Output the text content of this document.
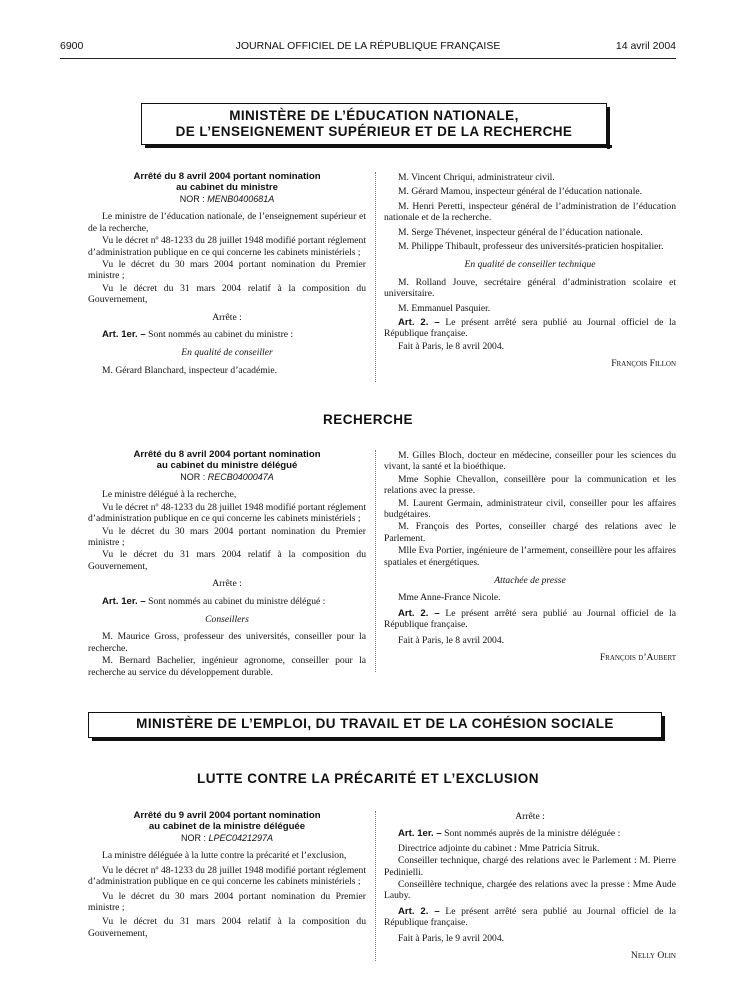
6900	JOURNAL OFFICIEL DE LA RÉPUBLIQUE FRANÇAISE	14 avril 2004
MINISTÈRE DE L’ÉDUCATION NATIONALE,
DE L’ENSEIGNEMENT SUPÉRIEUR ET DE LA RECHERCHE
Arrêté du 8 avril 2004 portant nomination
au cabinet du ministre
NOR : MENB0400681A

Le ministre de l’éducation nationale, de l’enseignement supérieur et de la recherche,

Vu le décret nº 48-1233 du 28 juillet 1948 modifié portant réglement d’administration publique en ce qui concerne les cabinets ministériels ;

Vu le décret du 30 mars 2004 portant nomination du Premier ministre ;

Vu le décret du 31 mars 2004 relatif à la composition du Gouvernement,

Arrête :

Art. 1er. – Sont nommés au cabinet du ministre :

En qualité de conseiller

M. Gérard Blanchard, inspecteur d’académie.

M. Vincent Chriqui, administrateur civil.

M. Gérard Mamou, inspecteur général de l’éducation nationale.

M. Henri Peretti, inspecteur général de l’administration de l’éducation nationale et de la recherche.

M. Serge Thévenet, inspecteur général de l’éducation nationale.

M. Philippe Thibault, professeur des universités-praticien hospitalier.

En qualité de conseiller technique

M. Rolland Jouve, secrétaire général d’administration scolaire et universitaire.

M. Emmanuel Pasquier.

Art. 2. – Le présent arrêté sera publié au Journal officiel de la République française.

Fait à Paris, le 8 avril 2004.

François Fillon

RECHERCHE
Arrêté du 8 avril 2004 portant nomination
au cabinet du ministre délégué
NOR : RECB0400047A

Le ministre délégué à la recherche,

Vu le décret nº 48-1233 du 28 juillet 1948 modifié portant réglement d’administration publique en ce qui concerne les cabinets ministériels ;

Vu le décret du 30 mars 2004 portant nomination du Premier ministre ;

Vu le décret du 31 mars 2004 relatif à la composition du Gouvernement,

Arrête :

Art. 1er. – Sont nommés au cabinet du ministre délégué :

Conseillers

M. Maurice Gross, professeur des universités, conseiller pour la recherche.

M. Bernard Bachelier, ingénieur agronome, conseiller pour la recherche au service du développement durable.

M. Gilles Bloch, docteur en médecine, conseiller pour les sciences du vivant, la santé et la bioéthique.

Mme Sophie Chevallon, conseillère pour la communication et les relations avec la presse.

M. Laurent Germain, administrateur civil, conseiller pour les affaires budgétaires.

M. François des Portes, conseiller chargé des relations avec le Parlement.

Mlle Eva Portier, ingénieure de l’armement, conseillère pour les affaires spatiales et énergétiques.

Attachée de presse

Mme Anne-France Nicole.

Art. 2. – Le présent arrêté sera publié au Journal officiel de la République française.

Fait à Paris, le 8 avril 2004.

François d’Aubert

MINISTÈRE DE L’EMPLOI, DU TRAVAIL ET DE LA COHÉSION SOCIALE
LUTTE CONTRE LA PRÉCARITÉ ET L’EXCLUSION
Arrêté du 9 avril 2004 portant nomination
au cabinet de la ministre déléguée
NOR : LPEC0421297A

La ministre déléguée à la lutte contre la précarité et l’exclusion,

Vu le décret nº 48-1233 du 28 juillet 1948 modifié portant réglement d’administration publique en ce qui concerne les cabinets ministériels ;

Vu le décret du 30 mars 2004 portant nomination du Premier ministre ;

Vu le décret du 31 mars 2004 relatif à la composition du Gouvernement,

Arrête :

Art. 1er. – Sont nommés auprès de la ministre déléguée :

Directrice adjointe du cabinet : Mme Patricia Sitruk.

Conseiller technique, chargé des relations avec le Parlement : M. Pierre Pedinielli.

Conseillère technique, chargée des relations avec la presse : Mme Aude Lauby.

Art. 2. – Le présent arrêté sera publié au Journal officiel de la République française.

Fait à Paris, le 9 avril 2004.

Nelly Olin
